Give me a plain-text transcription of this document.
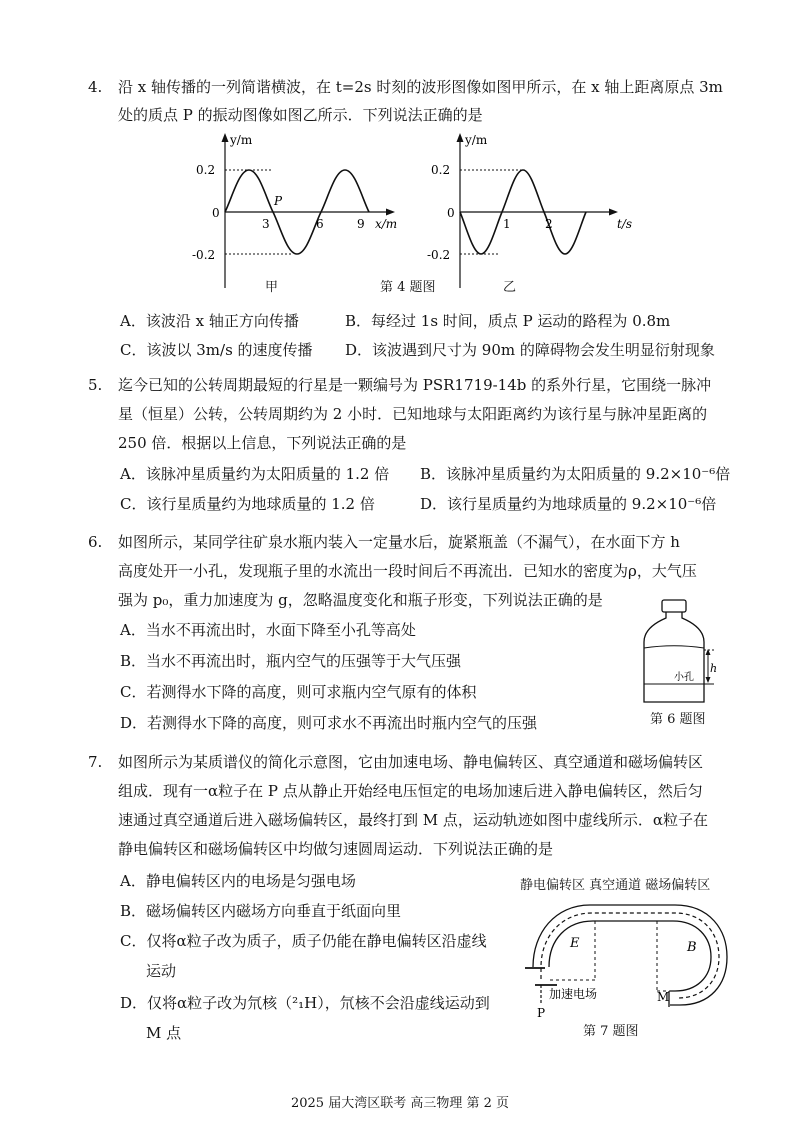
4. 沿 x 轴传播的一列简谐横波，在 t=2s 时刻的波形图像如图甲所示，在 x 轴上距离原点 3m
处的质点 P 的振动图像如图乙所示．下列说法正确的是
y/m
0.2
0
-0.2
P
3	6	9 x/m
y/m
0.2
0
-0.2
1	2	t/s
甲	第 4 题图	乙
A．该波沿 x 轴正方向传播	B．每经过 1s 时间，质点 P 运动的路程为 0.8m
C．该波以 3m/s 的速度传播 D．该波遇到尺寸为 90m 的障碍物会发生明显衍射现象
5. 迄今已知的公转周期最短的行星是一颗编号为 PSR1719-14b 的系外行星，它围绕一脉冲
星（恒星）公转，公转周期约为 2 小时．已知地球与太阳距离约为该行星与脉冲星距离的
250 倍．根据以上信息，下列说法正确的是
A．该脉冲星质量约为太阳质量的 1.2 倍 B．该脉冲星质量约为太阳质量的 9.2×10⁻⁶倍
C．该行星质量约为地球质量的 1.2 倍	D．该行星质量约为地球质量的 9.2×10⁻⁶倍
6. 如图所示，某同学往矿泉水瓶内装入一定量水后，旋紧瓶盖（不漏气），在水面下方 h
高度处开一小孔，发现瓶子里的水流出一段时间后不再流出．已知水的密度为ρ，大气压
强为 p₀，重力加速度为 g，忽略温度变化和瓶子形变，下列说法正确的是
A．当水不再流出时，水面下降至小孔等高处
B．当水不再流出时，瓶内空气的压强等于大气压强
C．若测得水下降的高度，则可求瓶内空气原有的体积
D．若测得水下降的高度，则可求水不再流出时瓶内空气的压强
h
小孔
第 6 题图
7. 如图所示为某质谱仪的简化示意图，它由加速电场、静电偏转区、真空通道和磁场偏转区
组成．现有一α粒子在 P 点从静止开始经电压恒定的电场加速后进入静电偏转区，然后匀
速通过真空通道后进入磁场偏转区，最终打到 M 点，运动轨迹如图中虚线所示．α粒子在
静电偏转区和磁场偏转区中均做匀速圆周运动．下列说法正确的是
A．静电偏转区内的电场是匀强电场
B．磁场偏转区内磁场方向垂直于纸面向里
C．仅将α粒子改为质子，质子仍能在静电偏转区沿虚线
运动
D．仅将α粒子改为氘核（²₁H），氘核不会沿虚线运动到
M 点
静电偏转区 真空通道 磁场偏转区
E	B
M
加速电场
P
第 7 题图
2025 届大湾区联考 高三物理 第 2 页
